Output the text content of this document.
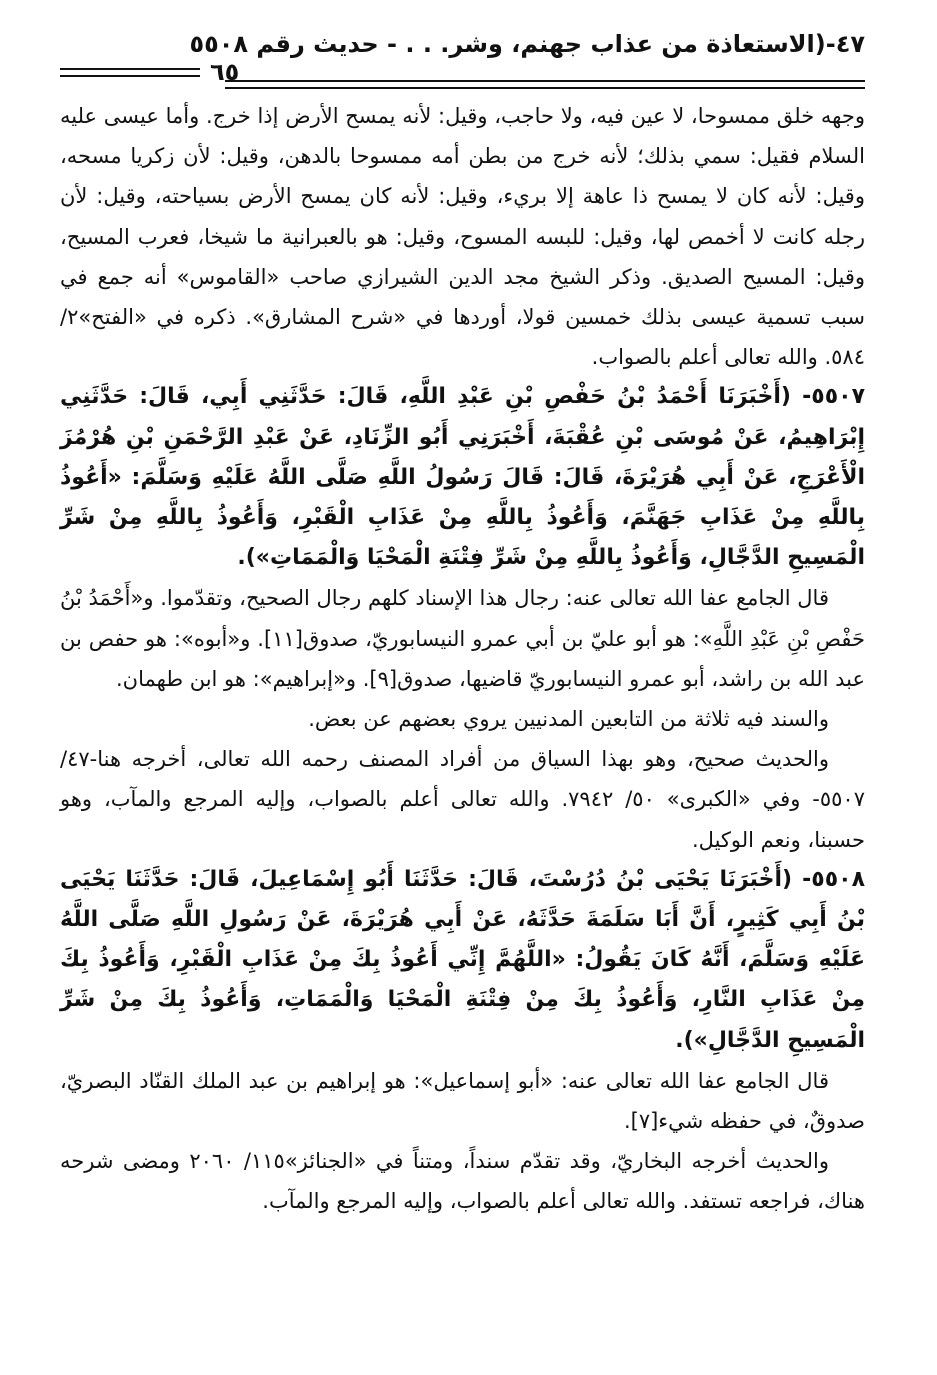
٤٧-(الاستعاذة من عذاب جهنم، وشر. . . - حديث رقم ٥٥٠٨
٦٥

وجهه خلق ممسوحا، لا عين فيه، ولا حاجب، وقيل: لأنه يمسح الأرض إذا خرج. وأما عيسى عليه السلام فقيل: سمي بذلك؛ لأنه خرج من بطن أمه ممسوحا بالدهن، وقيل: لأن زكريا مسحه، وقيل: لأنه كان لا يمسح ذا عاهة إلا بريء، وقيل: لأنه كان يمسح الأرض بسياحته، وقيل: لأن رجله كانت لا أخمص لها، وقيل: للبسه المسوح، وقيل: هو بالعبرانية ما شيخا، فعرب المسيح، وقيل: المسيح الصديق. وذكر الشيخ مجد الدين الشيرازي صاحب «القاموس» أنه جمع في سبب تسمية عيسى بذلك خمسين قولا، أوردها في «شرح المشارق». ذكره في «الفتح»٢/ ٥٨٤. والله تعالى أعلم بالصواب.

٥٥٠٧- (أَخْبَرَنَا أَحْمَدُ بْنُ حَفْصِ بْنِ عَبْدِ اللَّهِ، قَالَ: حَدَّثَنِي أَبِي، قَالَ: حَدَّثَنِي إِبْرَاهِيمُ، عَنْ مُوسَى بْنِ عُقْبَةَ، أَخْبَرَنِي أَبُو الزِّنَادِ، عَنْ عَبْدِ الرَّحْمَنِ بْنِ هُرْمُزَ الْأَعْرَجِ، عَنْ أَبِي هُرَيْرَةَ، قَالَ: قَالَ رَسُولُ اللَّهِ صَلَّى اللَّهُ عَلَيْهِ وَسَلَّمَ: «أَعُوذُ بِاللَّهِ مِنْ عَذَابِ جَهَنَّمَ، وَأَعُوذُ بِاللَّهِ مِنْ عَذَابِ الْقَبْرِ، وَأَعُوذُ بِاللَّهِ مِنْ شَرِّ الْمَسِيحِ الدَّجَّالِ، وَأَعُوذُ بِاللَّهِ مِنْ شَرِّ فِتْنَةِ الْمَحْيَا وَالْمَمَاتِ»).

قال الجامع عفا الله تعالى عنه: رجال هذا الإسناد كلهم رجال الصحيح، وتقدّموا. و«أَحْمَدُ بْنُ حَفْصِ بْنِ عَبْدِ اللَّهِ»: هو أبو عليّ بن أبي عمرو النيسابوريّ، صدوق[١١]. و«أبوه»: هو حفص بن عبد الله بن راشد، أبو عمرو النيسابوريّ قاضيها، صدوق[٩]. و«إبراهيم»: هو ابن طهمان.

والسند فيه ثلاثة من التابعين المدنيين يروي بعضهم عن بعض.

والحديث صحيح، وهو بهذا السياق من أفراد المصنف رحمه الله تعالى، أخرجه هنا-٤٧/ ٥٥٠٧- وفي «الكبرى» ٥٠/ ٧٩٤٢. والله تعالى أعلم بالصواب، وإليه المرجع والمآب، وهو حسبنا، ونعم الوكيل.

٥٥٠٨- (أَخْبَرَنَا يَحْيَى بْنُ دُرُسْتَ، قَالَ: حَدَّثَنَا أَبُو إِسْمَاعِيلَ، قَالَ: حَدَّثَنَا يَحْيَى بْنُ أَبِي كَثِيرٍ، أَنَّ أَبَا سَلَمَةَ حَدَّثَهُ، عَنْ أَبِي هُرَيْرَةَ، عَنْ رَسُولِ اللَّهِ صَلَّى اللَّهُ عَلَيْهِ وَسَلَّمَ، أَنَّهُ كَانَ يَقُولُ: «اللَّهُمَّ إِنِّي أَعُوذُ بِكَ مِنْ عَذَابِ الْقَبْرِ، وَأَعُوذُ بِكَ مِنْ عَذَابِ النَّارِ، وَأَعُوذُ بِكَ مِنْ فِتْنَةِ الْمَحْيَا وَالْمَمَاتِ، وَأَعُوذُ بِكَ مِنْ شَرِّ الْمَسِيحِ الدَّجَّالِ»).

قال الجامع عفا الله تعالى عنه: «أبو إسماعيل»: هو إبراهيم بن عبد الملك القنّاد البصريّ، صدوقٌ، في حفظه شيء[٧].

والحديث أخرجه البخاريّ، وقد تقدّم سنداً، ومتناً في «الجنائز»١١٥/ ٢٠٦٠ ومضى شرحه هناك، فراجعه تستفد. والله تعالى أعلم بالصواب، وإليه المرجع والمآب.
